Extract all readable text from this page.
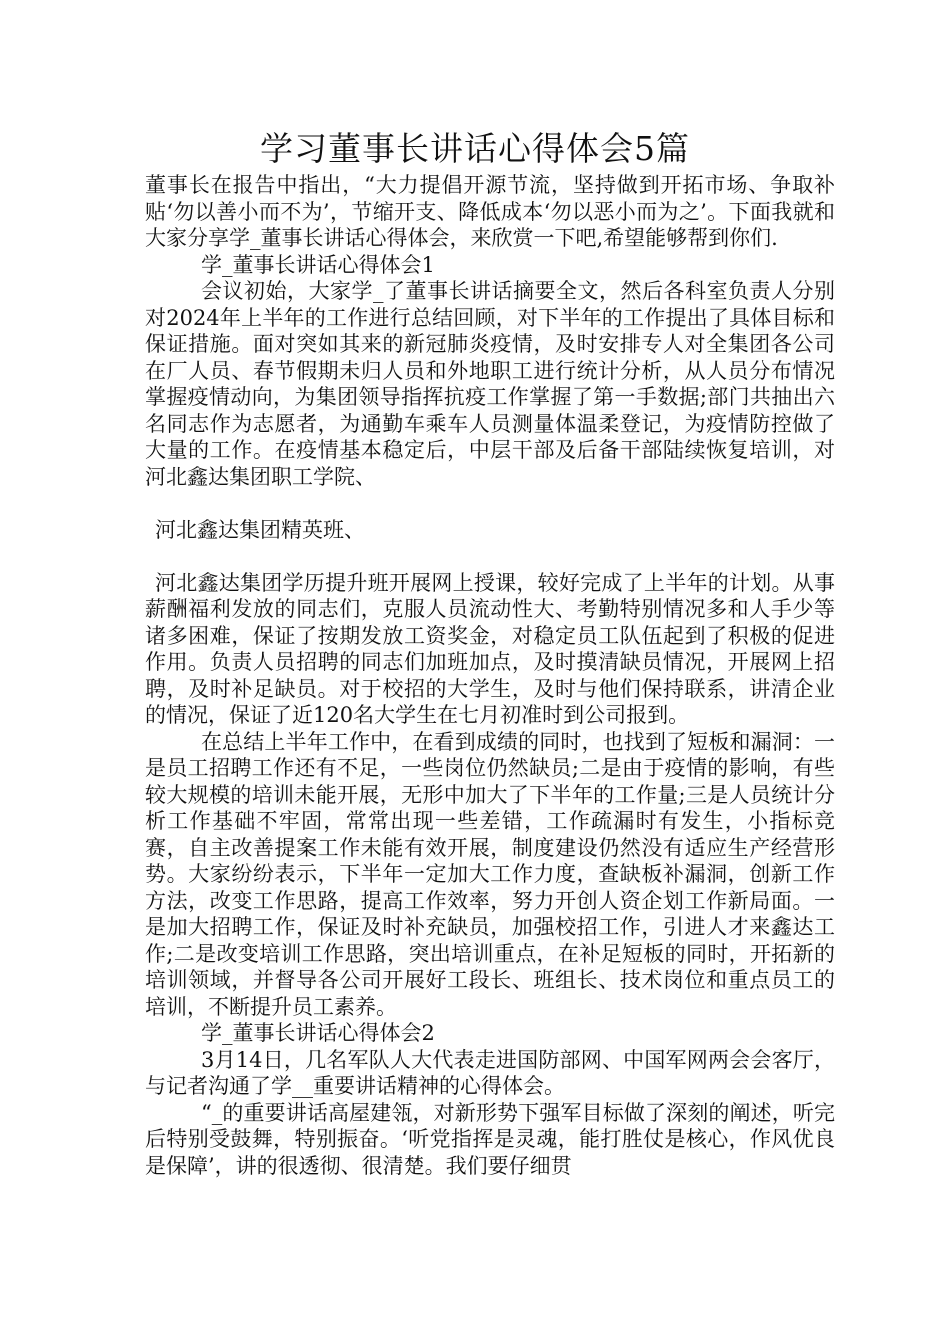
学习董事长讲话心得体会5篇

董事长在报告中指出，“大力提倡开源节流，坚持做到开拓市场、争取补贴‘勿以善小而不为’，节缩开支、降低成本‘勿以恶小而为之’。下面我就和大家分享学_董事长讲话心得体会，来欣赏一下吧,希望能够帮到你们.

学_董事长讲话心得体会1

会议初始，大家学_了董事长讲话摘要全文，然后各科室负责人分别对2024年上半年的工作进行总结回顾，对下半年的工作提出了具体目标和保证措施。面对突如其来的新冠肺炎疫情，及时安排专人对全集团各公司在厂人员、春节假期未归人员和外地职工进行统计分析，从人员分布情况掌握疫情动向，为集团领导指挥抗疫工作掌握了第一手数据;部门共抽出六名同志作为志愿者，为通勤车乘车人员测量体温柔登记，为疫情防控做了大量的工作。在疫情基本稳定后，中层干部及后备干部陆续恢复培训，对河北鑫达集团职工学院、

河北鑫达集团精英班、

河北鑫达集团学历提升班开展网上授课，较好完成了上半年的计划。从事薪酬福利发放的同志们，克服人员流动性大、考勤特别情况多和人手少等诸多困难，保证了按期发放工资奖金，对稳定员工队伍起到了积极的促进作用。负责人员招聘的同志们加班加点，及时摸清缺员情况，开展网上招聘，及时补足缺员。对于校招的大学生，及时与他们保持联系，讲清企业的情况，保证了近120名大学生在七月初准时到公司报到。

在总结上半年工作中，在看到成绩的同时，也找到了短板和漏洞：一是员工招聘工作还有不足，一些岗位仍然缺员;二是由于疫情的影响，有些较大规模的培训未能开展，无形中加大了下半年的工作量;三是人员统计分析工作基础不牢固，常常出现一些差错，工作疏漏时有发生，小指标竞赛，自主改善提案工作未能有效开展，制度建设仍然没有适应生产经营形势。大家纷纷表示，下半年一定加大工作力度，查缺板补漏洞，创新工作方法，改变工作思路，提高工作效率，努力开创人资企划工作新局面。一是加大招聘工作，保证及时补充缺员，加强校招工作，引进人才来鑫达工作;二是改变培训工作思路，突出培训重点，在补足短板的同时，开拓新的培训领域，并督导各公司开展好工段长、班组长、技术岗位和重点员工的培训，不断提升员工素养。

学_董事长讲话心得体会2

3月14日，几名军队人大代表走进国防部网、中国军网两会会客厅，与记者沟通了学__重要讲话精神的心得体会。

“_的重要讲话高屋建瓴，对新形势下强军目标做了深刻的阐述，听完后特别受鼓舞，特别振奋。‘听党指挥是灵魂，能打胜仗是核心，作风优良是保障’，讲的很透彻、很清楚。我们要仔细贯
